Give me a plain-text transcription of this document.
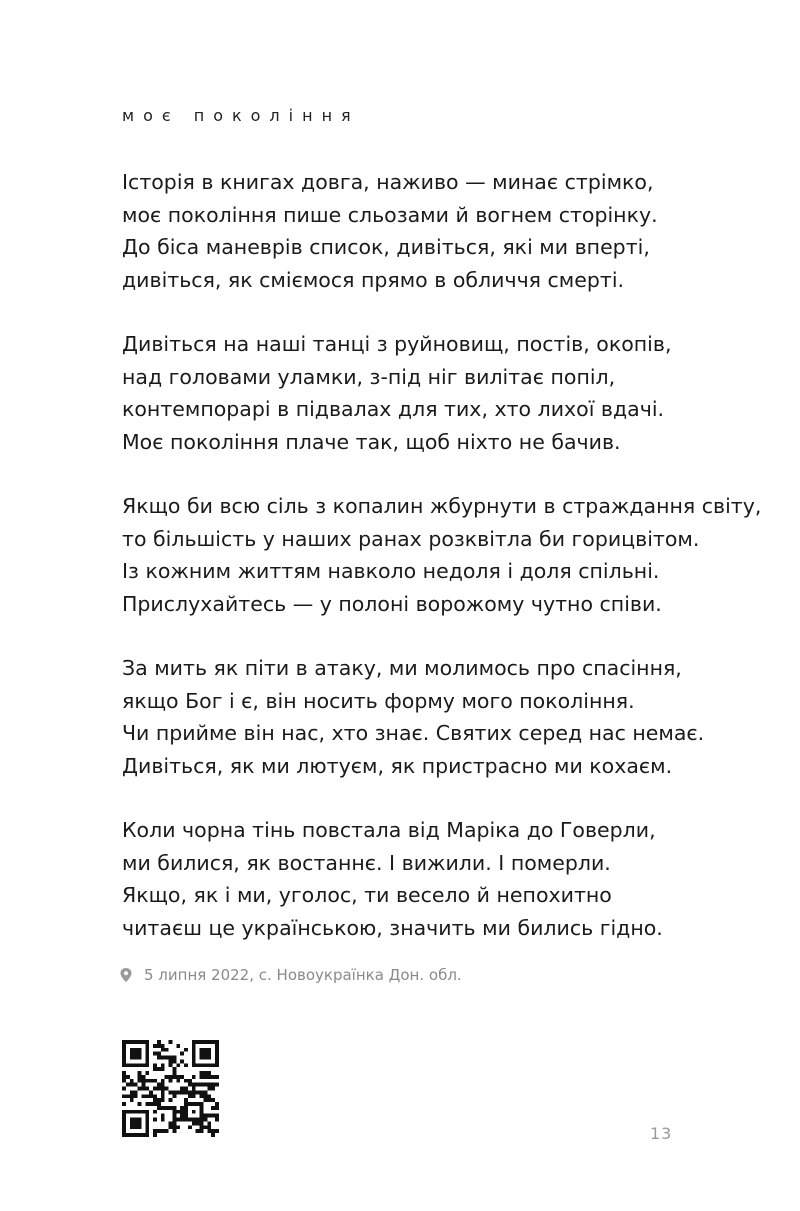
моє покоління
Історія в книгах довга, наживо — минає стрімко,
моє покоління пише сльозами й вогнем сторінку.
До біса маневрів список, дивіться, які ми вперті,
дивіться, як сміємося прямо в обличчя смерті.
Дивіться на наші танці з руйновищ, постів, окопів,
над головами уламки, з-під ніг вилітає попіл,
контемпорарі в підвалах для тих, хто лихої вдачі.
Моє покоління плаче так, щоб ніхто не бачив.
Якщо би всю сіль з копалин жбурнути в страждання світу,
то більшість у наших ранах розквітла би горицвітом.
Із кожним життям навколо недоля і доля спільні.
Прислухайтесь — у полоні ворожому чутно співи.
За мить як піти в атаку, ми молимось про спасіння,
якщо Бог і є, він носить форму мого покоління.
Чи прийме він нас, хто знає. Святих серед нас немає.
Дивіться, як ми лютуєм, як пристрасно ми кохаєм.
Коли чорна тінь повстала від Маріка до Говерли,
ми билися, як востаннє. І вижили. І померли.
Якщо, як і ми, уголос, ти весело й непохитно
читаєш це українською, значить ми бились гідно.
5 липня 2022, с. Новоукраїнка Дон. обл.
13
